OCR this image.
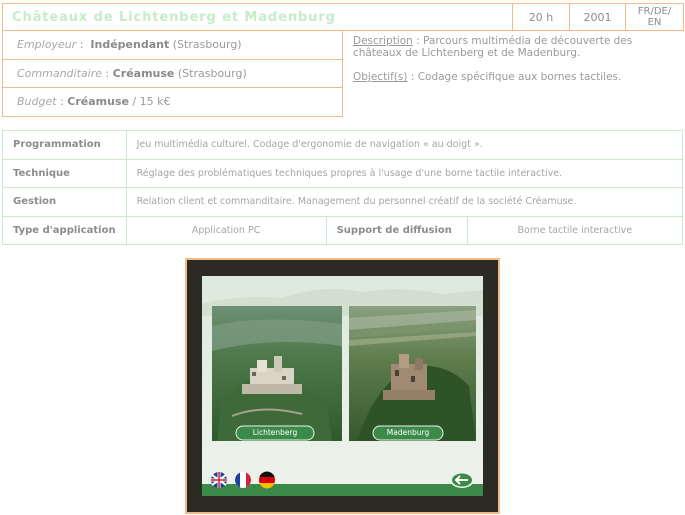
Châteaux de Lichtenberg et Madenburg	20 h	2001	FR/DE/
EN
Employeur : Indépendant
(Strasbourg)
Commanditaire : Créamuse
(Strasbourg)
Budget : Créamuse
/ 15 k€

Description : Parcours multimédia de découverte des châteaux de Lichtenberg et de Madenburg.

Objectif(s) : Codage spécifique aux bornes tactiles.

Programmation	Jeu multimédia culturel. Codage d'ergonomie de navigation « au doigt ».		
Technique	Réglage des problématiques techniques propres à l'usage d'une borne tactile interactive.		
Gestion	Relation client et commanditaire. Management du personnel créatif de la société Créamuse.		
Type d'application	Application PC	Support de diffusion	Borne tactile interactive
Lichtenberg	Madenburg
